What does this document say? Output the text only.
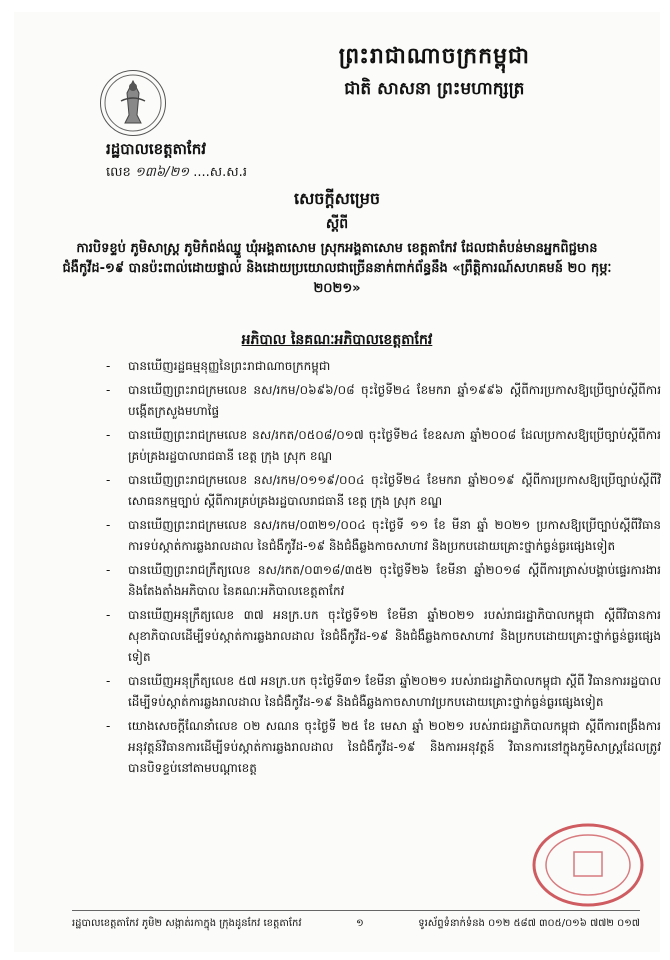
ព្រះរាជាណាចក្រកម្ពុជា
ជាតិ សាសនា ព្រះមហាក្សត្រ
រដ្ឋបាលខេត្តតាកែវ
លេខ ១៣៦/២១ ....ស.ស.រ
សេចក្តីសម្រេច
ស្តីពី
ការបិទខ្ទប់ ភូមិសាស្ត្រ ភូមិកំពង់ឈ្នួ ឃុំអង្គតាសោម ស្រុកអង្គតាសោម ខេត្តតាកែវ ដែលជាតំបន់មានអ្នកពិជ្ជមានជំងឺកូវីដ-១៩ បានប៉ះពាល់ដោយផ្ទាល់ និងដោយប្រយោលជាច្រើននាក់ពាក់ព័ន្ធនឹង «ព្រឹត្តិការណ៍សហគមន៍ ២០ កុម្ភៈ ២០២១»
អភិបាល នៃគណៈអភិបាលខេត្តតាកែវ
-	បានឃើញរដ្ឋធម្មនុញ្ញនៃព្រះរាជាណាចក្រកម្ពុជា
-	បានឃើញព្រះរាជក្រមលេខ នស/រកម/០៦៩៦/០៨ ចុះថ្ងៃទី២៤ ខែមករា ឆ្នាំ១៩៩៦ ស្តីពីការប្រកាសឱ្យប្រើច្បាប់ស្តីពីការបង្កើតក្រសួងមហាផ្ទៃ
-	បានឃើញព្រះរាជក្រមលេខ នស/រកត/០៥០៨/០១៧ ចុះថ្ងៃទី២៤ ខែឧសភា ឆ្នាំ២០០៨ ដែលប្រកាសឱ្យប្រើច្បាប់ស្តីពីការគ្រប់គ្រងរដ្ឋបាលរាជធានី ខេត្ត ក្រុង ស្រុក ខណ្ឌ
-	បានឃើញព្រះរាជក្រមលេខ នស/រកម/០១១៩/០០៤ ចុះថ្ងៃទី២៤ ខែមករា ឆ្នាំ២០១៩ ស្តីពីការប្រកាសឱ្យប្រើច្បាប់ស្តីពីវិសោធនកម្មច្បាប់ ស្តីពីការគ្រប់គ្រងរដ្ឋបាលរាជធានី ខេត្ត ក្រុង ស្រុក ខណ្ឌ
-	បានឃើញព្រះរាជក្រមលេខ នស/រកម/០៣២១/០០៤ ចុះថ្ងៃទី ១១ ខែ មីនា ឆ្នាំ ២០២១ ប្រកាសឱ្យប្រើច្បាប់ស្តីពីវិធានការទប់ស្កាត់ការឆ្លងរាលដាល នៃជំងឺកូវីដ-១៩ និងជំងឺឆ្លងកាចសាហាវ និងប្រកបដោយគ្រោះថ្នាក់ធ្ងន់ធ្ងរផ្សេងទៀត
-	បានឃើញព្រះរាជក្រឹត្យលេខ នស/រកត/០៣១៨/៣៥២ ចុះថ្ងៃទី២៦ ខែមីនា ឆ្នាំ២០១៨ ស្តីពីការត្រាស់បង្គាប់ផ្ទេរការងារ និងតែងតាំងអភិបាល នៃគណៈអភិបាលខេត្តតាកែវ
-	បានឃើញអនុក្រឹត្យលេខ ៣៧ អនក្រ.បក ចុះថ្ងៃទី១២ ខែមីនា ឆ្នាំ២០២១ របស់រាជរដ្ឋាភិបាលកម្ពុជា ស្តីពីវិធានការសុខាភិបាលដើម្បីទប់ស្កាត់ការឆ្លងរាលដាល នៃជំងឺកូវីដ-១៩ និងជំងឺឆ្លងកាចសាហាវ និងប្រកបដោយគ្រោះថ្នាក់ធ្ងន់ធ្ងរផ្សេងទៀត
-	បានឃើញអនុក្រឹត្យលេខ ៥៧ អនក្រ.បក ចុះថ្ងៃទី៣១ ខែមីនា ឆ្នាំ២០២១ របស់រាជរដ្ឋាភិបាលកម្ពុជា ស្តីពី វិធានការរដ្ឋបាលដើម្បីទប់ស្កាត់ការឆ្លងរាលដាល នៃជំងឺកូវីដ-១៩ និងជំងឺឆ្លងកាចសាហាវប្រកបដោយគ្រោះថ្នាក់ធ្ងន់ធ្ងរផ្សេងទៀត
-	យោងសេចក្តីណែនាំលេខ ០២ សណន ចុះថ្ងៃទី ២៥ ខែ មេសា ឆ្នាំ ២០២១ របស់រាជរដ្ឋាភិបាលកម្ពុជា ស្តីពីការពង្រឹងការអនុវត្តន៍វិធានការដើម្បីទប់ស្កាត់ការឆ្លងរាលដាល នៃជំងឺកូវីដ-១៩ និងការអនុវត្តន៍ វិធានការនៅក្នុងភូមិសាស្ត្រដែលត្រូវបានបិទខ្ទប់នៅតាមបណ្តាខេត្ត
រដ្ឋបាលខេត្តតាកែវ ភូមិ២ សង្កាត់រកាក្នុង ក្រុងដូនកែវ ខេត្តតាកែវ	១	ទូរស័ព្ទទំនាក់ទំនង ០១២ ៥៨៧ ៣០៥/០១៦ ៧៧២ ០១៧
